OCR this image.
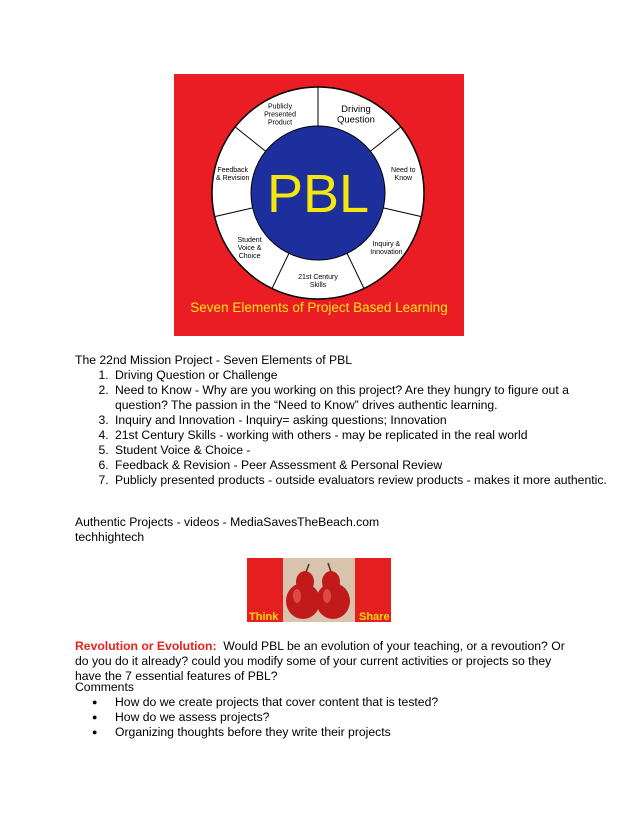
Driving Question
Need to Know
Inquiry & Innovation
21st Century Skills
Student Voice & Choice
Feedback & Revision
Publicly Presented Product
PBL
Seven Elements of Project Based Learning
The 22nd Mission Project - Seven Elements of PBL
1. Driving Question or Challenge
2. Need to Know - Why are you working on this project? Are they hungry to figure out a question? The passion in the “Need to Know” drives authentic learning.
3. Inquiry and Innovation - Inquiry= asking questions; Innovation
4. 21st Century Skills - working with others - may be replicated in the real world
5. Student Voice & Choice -
6. Feedback & Revision - Peer Assessment & Personal Review
7. Publicly presented products - outside evaluators review products - makes it more authentic.
Authentic Projects - videos - MediaSavesTheBeach.com
techhightech
Think	Share
Revolution or Evolution: Would PBL be an evolution of your teaching, or a revoution? Or do you do it already? could you modify some of your current activities or projects so they have the 7 essential features of PBL?
Comments
● How do we create projects that cover content that is tested?
● How do we assess projects?
● Organizing thoughts before they write their projects
